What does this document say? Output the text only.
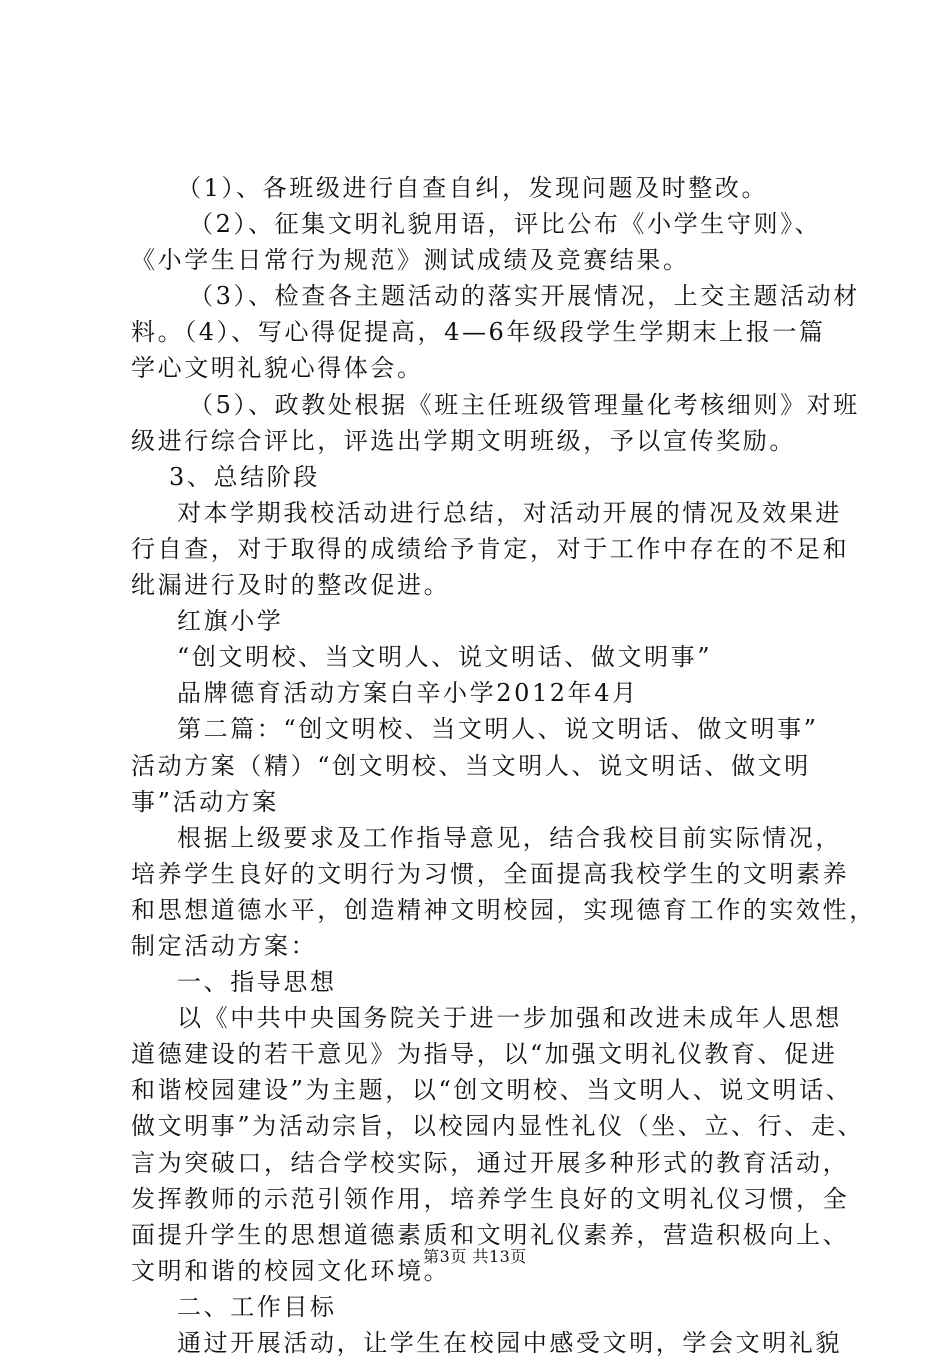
（1）、各班级进行自查自纠，发现问题及时整改。
（2）、征集文明礼貌用语，评比公布《小学生守则》、
《小学生日常行为规范》测试成绩及竞赛结果。
（3）、检查各主题活动的落实开展情况，上交主题活动材
料。（4）、写心得促提高，4—6年级段学生学期末上报一篇
学心文明礼貌心得体会。
（5）、政教处根据《班主任班级管理量化考核细则》对班
级进行综合评比，评选出学期文明班级，予以宣传奖励。
3、总结阶段
对本学期我校活动进行总结，对活动开展的情况及效果进
行自查，对于取得的成绩给予肯定，对于工作中存在的不足和
纰漏进行及时的整改促进。
红旗小学
“创文明校、当文明人、说文明话、做文明事”
品牌德育活动方案白辛小学2012年4月
第二篇：“创文明校、当文明人、说文明话、做文明事”
活动方案（精）“创文明校、当文明人、说文明话、做文明
事”活动方案
根据上级要求及工作指导意见，结合我校目前实际情况，
培养学生良好的文明行为习惯，全面提高我校学生的文明素养
和思想道德水平，创造精神文明校园，实现德育工作的实效性，
制定活动方案：
一、指导思想
以《中共中央国务院关于进一步加强和改进未成年人思想
道德建设的若干意见》为指导，以“加强文明礼仪教育、促进
和谐校园建设”为主题，以“创文明校、当文明人、说文明话、
做文明事”为活动宗旨，以校园内显性礼仪（坐、立、行、走、
言为突破口，结合学校实际，通过开展多种形式的教育活动，
发挥教师的示范引领作用，培养学生良好的文明礼仪习惯，全
面提升学生的思想道德素质和文明礼仪素养，营造积极向上、
文明和谐的校园文化环境。
二、工作目标
通过开展活动，让学生在校园中感受文明，学会文明礼貌
第3页 共13页
